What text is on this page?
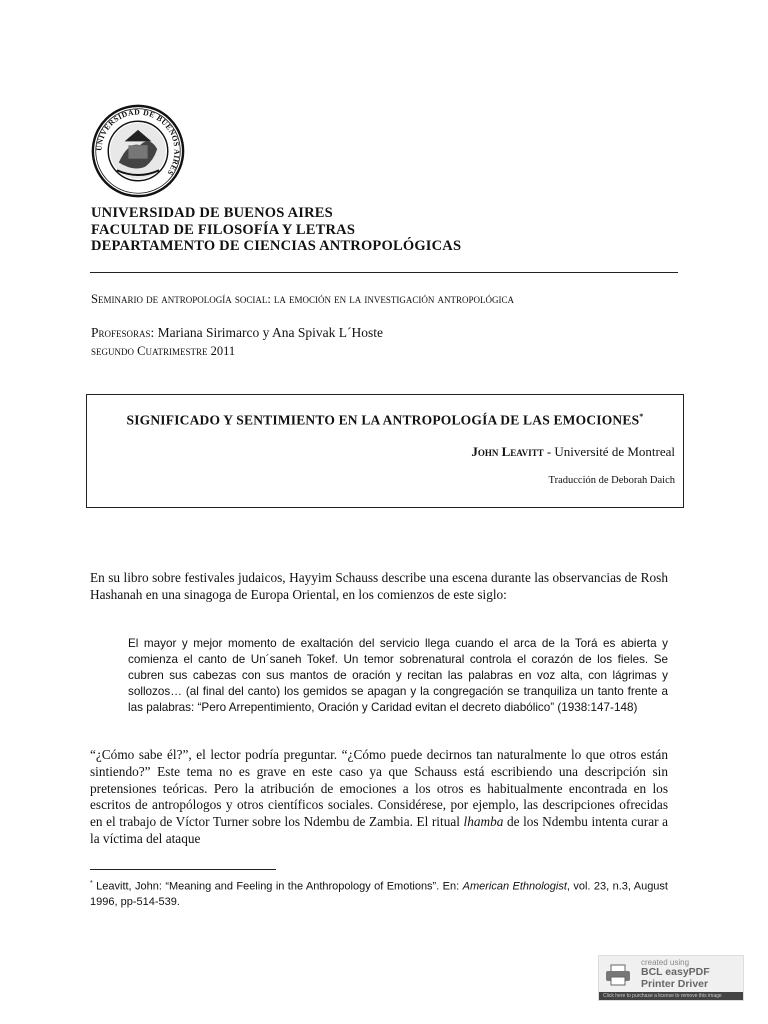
UNIVERSIDAD DE BUENOS AIRES
UNIVERSIDAD DE BUENOS AIRES
FACULTAD DE FILOSOFÍA Y LETRAS
DEPARTAMENTO DE CIENCIAS ANTROPOLÓGICAS
Seminario de antropología social: la emoción en la investigación antropológica
Profesoras: Mariana Sirimarco y Ana Spivak L´Hoste
segundo Cuatrimestre 2011
SIGNIFICADO Y SENTIMIENTO EN LA ANTROPOLOGÍA DE LAS EMOCIONES*
John Leavitt - Université de Montreal
Traducción de Deborah Daich
En su libro sobre festivales judaicos, Hayyim Schauss describe una escena durante las observancias de Rosh Hashanah en una sinagoga de Europa Oriental, en los comienzos de este siglo:
El mayor y mejor momento de exaltación del servicio llega cuando el arca de la Torá es abierta y comienza el canto de Un´saneh Tokef. Un temor sobrenatural controla el corazón de los fieles. Se cubren sus cabezas con sus mantos de oración y recitan las palabras en voz alta, con lágrimas y sollozos… (al final del canto) los gemidos se apagan y la congregación se tranquiliza un tanto frente a las palabras: “Pero Arrepentimiento, Oración y Caridad evitan el decreto diabólico” (1938:147-148)
“¿Cómo sabe él?”, el lector podría preguntar. “¿Cómo puede decirnos tan naturalmente lo que otros están sintiendo?” Este tema no es grave en este caso ya que Schauss está escribiendo una descripción sin pretensiones teóricas. Pero la atribución de emociones a los otros es habitualmente encontrada en los escritos de antropólogos y otros científicos sociales. Considérese, por ejemplo, las descripciones ofrecidas en el trabajo de Víctor Turner sobre los Ndembu de Zambia. El ritual lhamba de los Ndembu intenta curar a la víctima del ataque
* Leavitt, John: “Meaning and Feeling in the Anthropology of Emotions”. En: American Ethnologist, vol. 23, n.3, August 1996, pp-514-539.
created using
BCL easyPDF
Printer Driver
Click here to purchase a license to remove this image
